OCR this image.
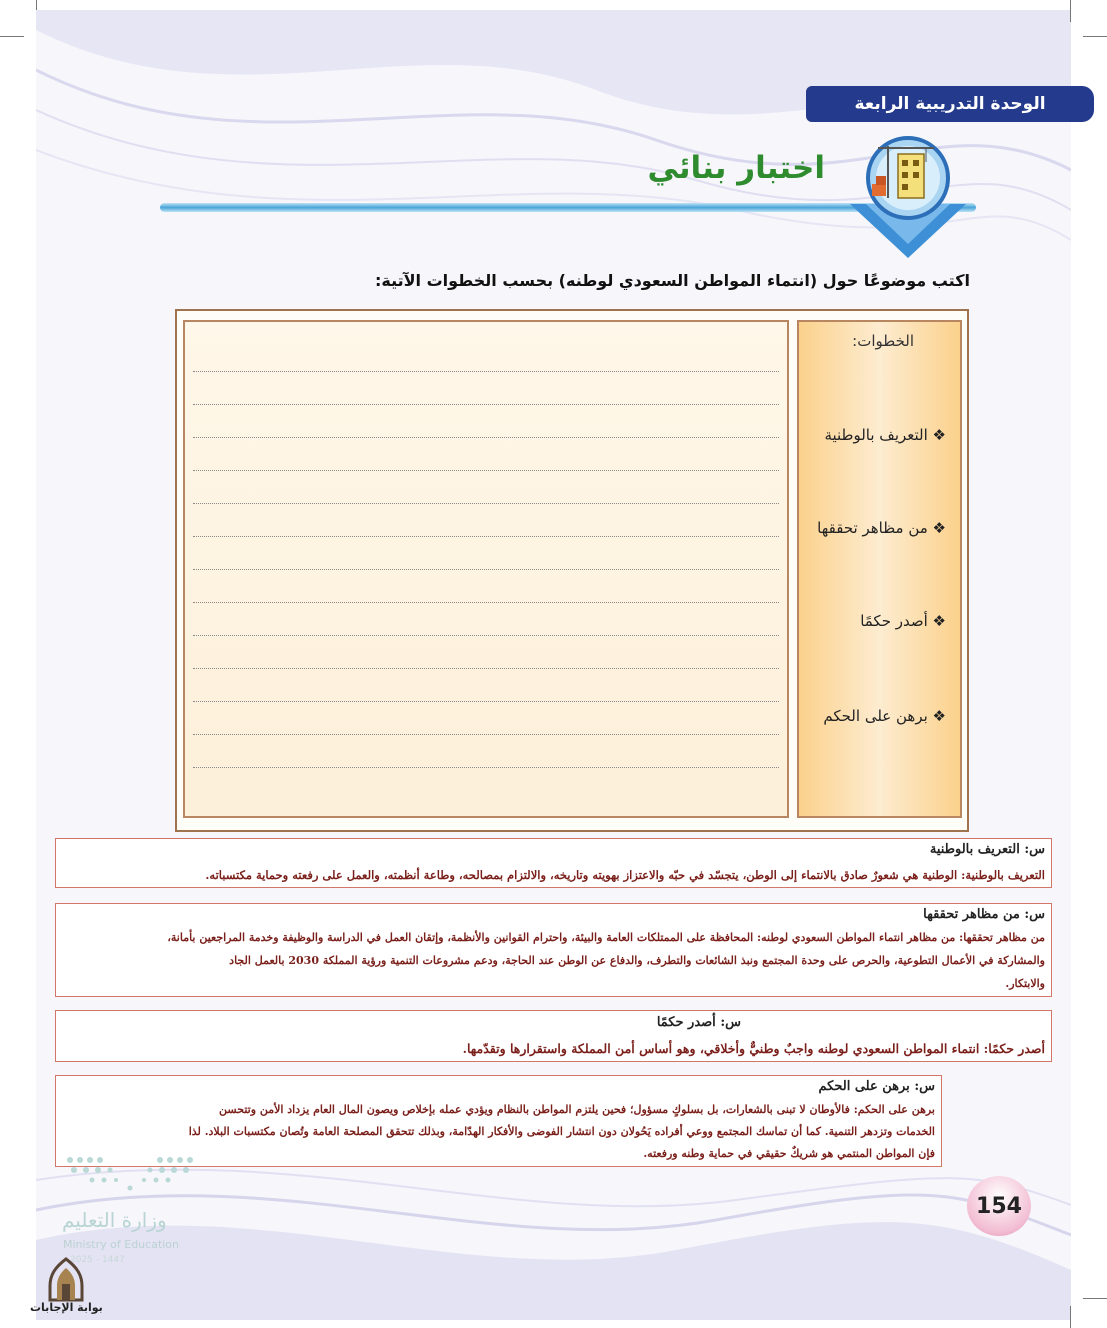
الوحدة التدريبية الرابعة
اختبار بنائي
اكتب موضوعًا حول (انتماء المواطن السعودي لوطنه) بحسب الخطوات الآتية:
الخطوات:
❖ التعريف بالوطنية
❖ من مظاهر تحققها
❖ أصدر حكمًا
❖ برهن على الحكم
س: التعريف بالوطنية
التعريف بالوطنية: الوطنية هي شعورٌ صادق بالانتماء إلى الوطن، يتجسّد في حبّه والاعتزاز بهويته وتاريخه، والالتزام بمصالحه، وطاعة أنظمته، والعمل على رفعته وحماية مكتسباته.
س: من مظاهر تحققها
من مظاهر تحققها: من مظاهر انتماء المواطن السعودي لوطنه: المحافظة على الممتلكات العامة والبيئة، واحترام القوانين والأنظمة، وإتقان العمل في الدراسة والوظيفة وخدمة المراجعين بأمانة،
والمشاركة في الأعمال التطوعية، والحرص على وحدة المجتمع ونبذ الشائعات والتطرف، والدفاع عن الوطن عند الحاجة، ودعم مشروعات التنمية ورؤية المملكة 2030 بالعمل الجاد
والابتكار.
س: أصدر حكمًا
أصدر حكمًا: انتماء المواطن السعودي لوطنه واجبٌ وطنيٌّ وأخلاقي، وهو أساس أمن المملكة واستقرارها وتقدّمها.
س: برهن على الحكم
برهن على الحكم: فالأوطان لا تبنى بالشعارات، بل بسلوكٍ مسؤول؛ فحين يلتزم المواطن بالنظام ويؤدي عمله بإخلاص ويصون المال العام يزداد الأمن وتتحسن
الخدمات وتزدهر التنمية. كما أن تماسك المجتمع ووعي أفراده يَحُولان دون انتشار الفوضى والأفكار الهدّامة، وبذلك تتحقق المصلحة العامة وتُصان مكتسبات البلاد. لذا
فإن المواطن المنتمي هو شريكٌ حقيقي في حماية وطنه ورفعته.
وزارة التعليم
Ministry of Education
2025 - 1447
154
بوابة الإجابات
